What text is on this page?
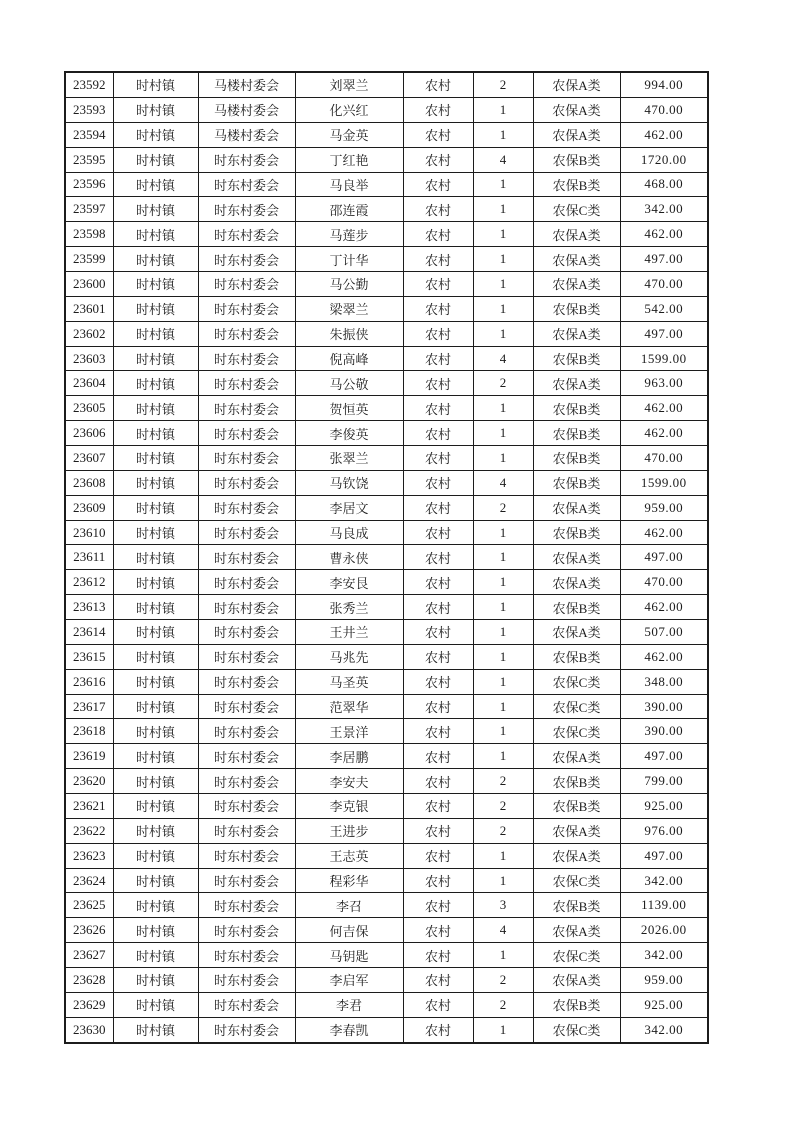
23592	时村镇	马楼村委会	刘翠兰	农村	2	农保A类	994.00
23593	时村镇	马楼村委会	化兴红	农村	1	农保A类	470.00
23594	时村镇	马楼村委会	马金英	农村	1	农保A类	462.00
23595	时村镇	时东村委会	丁红艳	农村	4	农保B类	1720.00
23596	时村镇	时东村委会	马良举	农村	1	农保B类	468.00
23597	时村镇	时东村委会	邵连霞	农村	1	农保C类	342.00
23598	时村镇	时东村委会	马莲步	农村	1	农保A类	462.00
23599	时村镇	时东村委会	丁计华	农村	1	农保A类	497.00
23600	时村镇	时东村委会	马公勤	农村	1	农保A类	470.00
23601	时村镇	时东村委会	梁翠兰	农村	1	农保B类	542.00
23602	时村镇	时东村委会	朱振侠	农村	1	农保A类	497.00
23603	时村镇	时东村委会	倪高峰	农村	4	农保B类	1599.00
23604	时村镇	时东村委会	马公敬	农村	2	农保A类	963.00
23605	时村镇	时东村委会	贺恒英	农村	1	农保B类	462.00
23606	时村镇	时东村委会	李俊英	农村	1	农保B类	462.00
23607	时村镇	时东村委会	张翠兰	农村	1	农保B类	470.00
23608	时村镇	时东村委会	马钦饶	农村	4	农保B类	1599.00
23609	时村镇	时东村委会	李居文	农村	2	农保A类	959.00
23610	时村镇	时东村委会	马良成	农村	1	农保B类	462.00
23611	时村镇	时东村委会	曹永侠	农村	1	农保A类	497.00
23612	时村镇	时东村委会	李安艮	农村	1	农保A类	470.00
23613	时村镇	时东村委会	张秀兰	农村	1	农保B类	462.00
23614	时村镇	时东村委会	王井兰	农村	1	农保A类	507.00
23615	时村镇	时东村委会	马兆先	农村	1	农保B类	462.00
23616	时村镇	时东村委会	马圣英	农村	1	农保C类	348.00
23617	时村镇	时东村委会	范翠华	农村	1	农保C类	390.00
23618	时村镇	时东村委会	王景洋	农村	1	农保C类	390.00
23619	时村镇	时东村委会	李居鹏	农村	1	农保A类	497.00
23620	时村镇	时东村委会	李安夫	农村	2	农保B类	799.00
23621	时村镇	时东村委会	李克银	农村	2	农保B类	925.00
23622	时村镇	时东村委会	王进步	农村	2	农保A类	976.00
23623	时村镇	时东村委会	王志英	农村	1	农保A类	497.00
23624	时村镇	时东村委会	程彩华	农村	1	农保C类	342.00
23625	时村镇	时东村委会	李召	农村	3	农保B类	1139.00
23626	时村镇	时东村委会	何吉保	农村	4	农保A类	2026.00
23627	时村镇	时东村委会	马钥匙	农村	1	农保C类	342.00
23628	时村镇	时东村委会	李启军	农村	2	农保A类	959.00
23629	时村镇	时东村委会	李君	农村	2	农保B类	925.00
23630	时村镇	时东村委会	李春凯	农村	1	农保C类	342.00
